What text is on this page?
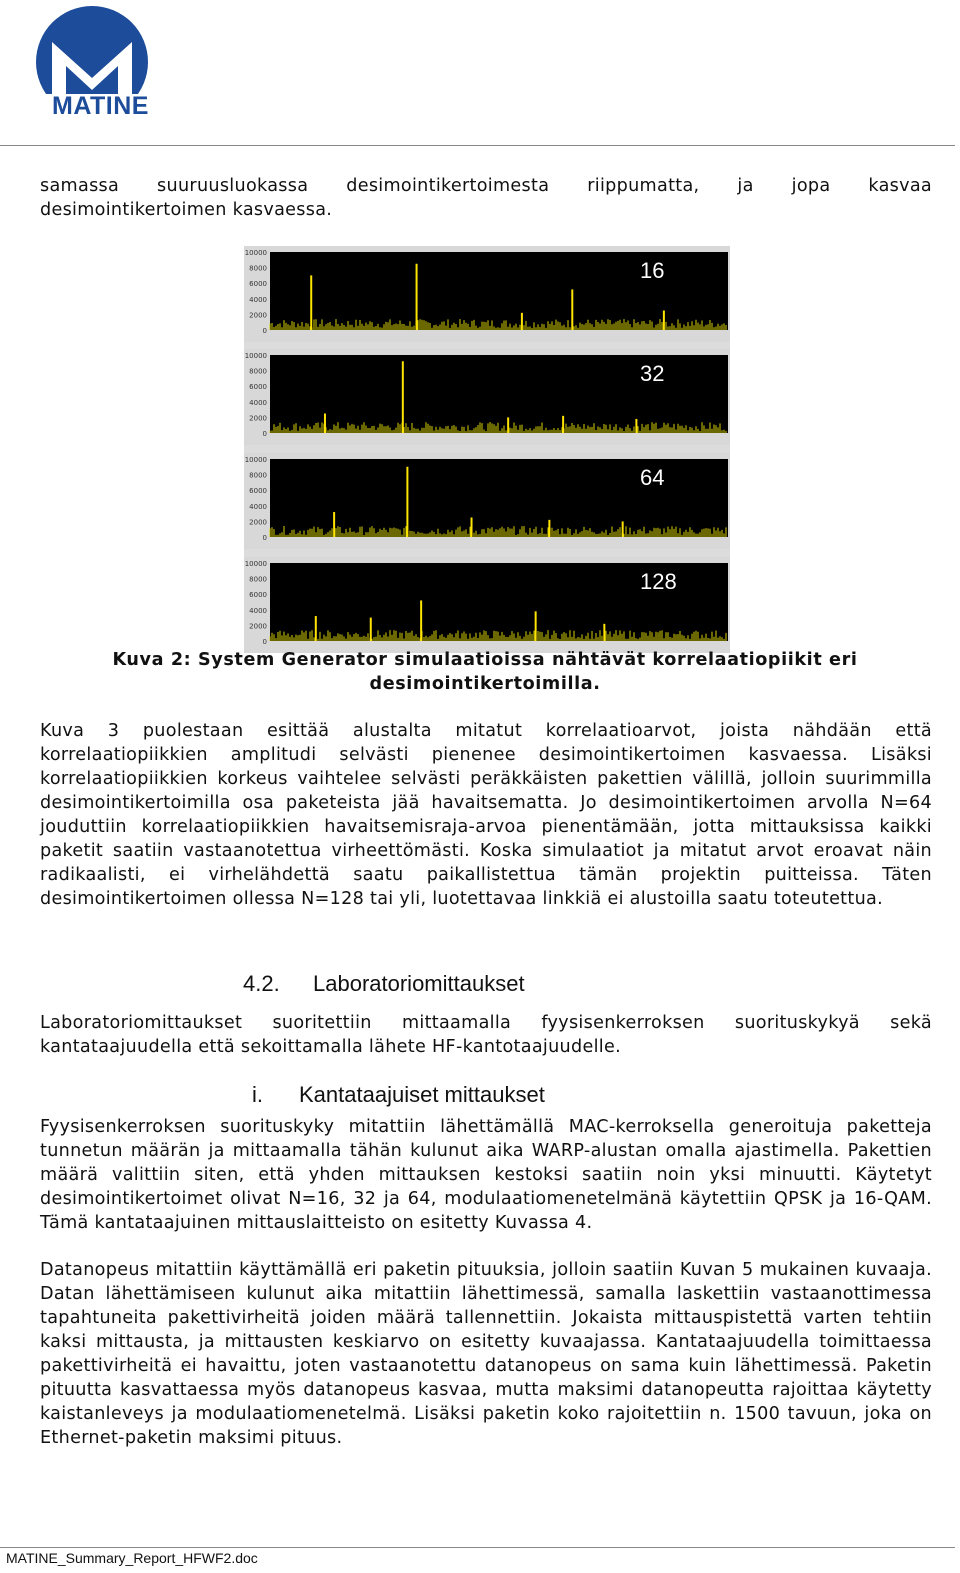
MATINE

samassa suuruusluokassa desimointikertoimesta riippumatta, ja jopa kasvaa desimointikertoimen kasvaessa.

10000
8000
6000
4000
2000
0
16
10000
8000
6000
4000
2000
0
32
10000
8000
6000
4000
2000
0
64
10000
8000
6000
4000
2000
0
128

Kuva 2: System Generator simulaatioissa nähtävät korrelaatiopiikit eri desimointikertoimilla.

Kuva 3 puolestaan esittää alustalta mitatut korrelaatioarvot, joista nähdään että korrelaatiopiikkien amplitudi selvästi pienenee desimointikertoimen kasvaessa. Lisäksi korrelaatiopiikkien korkeus vaihtelee selvästi peräkkäisten pakettien välillä, jolloin suurimmilla desimointikertoimilla osa paketeista jää havaitsematta. Jo desimointikertoimen arvolla N=64 jouduttiin korrelaatiopiikkien havaitsemisraja-arvoa pienentämään, jotta mittauksissa kaikki paketit saatiin vastaanotettua virheettömästi. Koska simulaatiot ja mitatut arvot eroavat näin radikaalisti, ei virhelähdettä saatu paikallistettua tämän projektin puitteissa. Täten desimointikertoimen ollessa N=128 tai yli, luotettavaa linkkiä ei alustoilla saatu toteutettua.

4.2. Laboratoriomittaukset

Laboratoriomittaukset suoritettiin mittaamalla fyysisenkerroksen suorituskykyä sekä kantataajuudella että sekoittamalla lähete HF-kantotaajuudelle.

i. Kantataajuiset mittaukset

Fyysisenkerroksen suorituskyky mitattiin lähettämällä MAC-kerroksella generoituja paketteja tunnetun määrän ja mittaamalla tähän kulunut aika WARP-alustan omalla ajastimella. Pakettien määrä valittiin siten, että yhden mittauksen kestoksi saatiin noin yksi minuutti. Käytetyt desimointikertoimet olivat N=16, 32 ja 64, modulaatiomenetelmänä käytettiin QPSK ja 16-QAM. Tämä kantataajuinen mittauslaitteisto on esitetty Kuvassa 4.

Datanopeus mitattiin käyttämällä eri paketin pituuksia, jolloin saatiin Kuvan 5 mukainen kuvaaja. Datan lähettämiseen kulunut aika mitattiin lähettimessä, samalla laskettiin vastaanottimessa tapahtuneita pakettivirheitä joiden määrä tallennettiin. Jokaista mittauspistettä varten tehtiin kaksi mittausta, ja mittausten keskiarvo on esitetty kuvaajassa. Kantataajuudella toimittaessa pakettivirheitä ei havaittu, joten vastaanotettu datanopeus on sama kuin lähettimessä. Paketin pituutta kasvattaessa myös datanopeus kasvaa, mutta maksimi datanopeutta rajoittaa käytetty kaistanleveys ja modulaatiomenetelmä. Lisäksi paketin koko rajoitettiin n. 1500 tavuun, joka on Ethernet-paketin maksimi pituus.

MATINE_Summary_Report_HFWF2.doc
